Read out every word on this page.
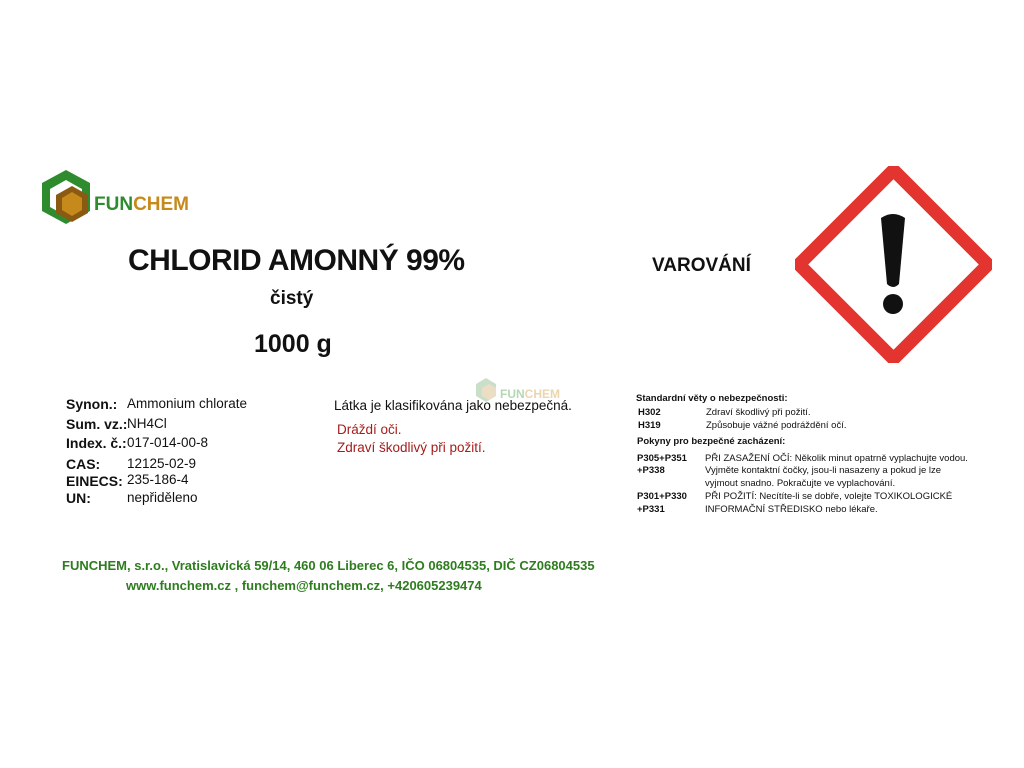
FUNCHEM
CHLORID AMONNÝ 99%
čistý
1000 g
VAROVÁNÍ
Synon.: Ammonium chlorate
Sum. vz.: NH4Cl
Index. č.: 017-014-00-8
CAS: 12125-02-9
EINECS: 235-186-4
UN:	nepřiděleno
FUNCHEM
Látka je klasifikována jako nebezpečná.
Dráždí oči.
Zdraví škodlivý při požití.
Standardní věty o nebezpečnosti:
H302	Zdraví škodlivý při požití.
H319	Způsobuje vážné podráždění očí.
Pokyny pro bezpečné zacházení:
P305+P351 PŘI ZASAŽENÍ OČÍ: Několik minut opatrně vyplachujte vodou.
+P338	Vyjměte kontaktní čočky, jsou-li nasazeny a pokud je lze
vyjmout snadno. Pokračujte ve vyplachování.
P301+P330 PŘI POŽITÍ: Necítíte-li se dobře, volejte TOXIKOLOGICKÉ
+P331	INFORMAČNÍ STŘEDISKO nebo lékaře.
FUNCHEM, s.r.o., Vratislavická 59/14, 460 06 Liberec 6, IČO 06804535, DIČ CZ06804535
www.funchem.cz , funchem@funchem.cz, +420605239474
